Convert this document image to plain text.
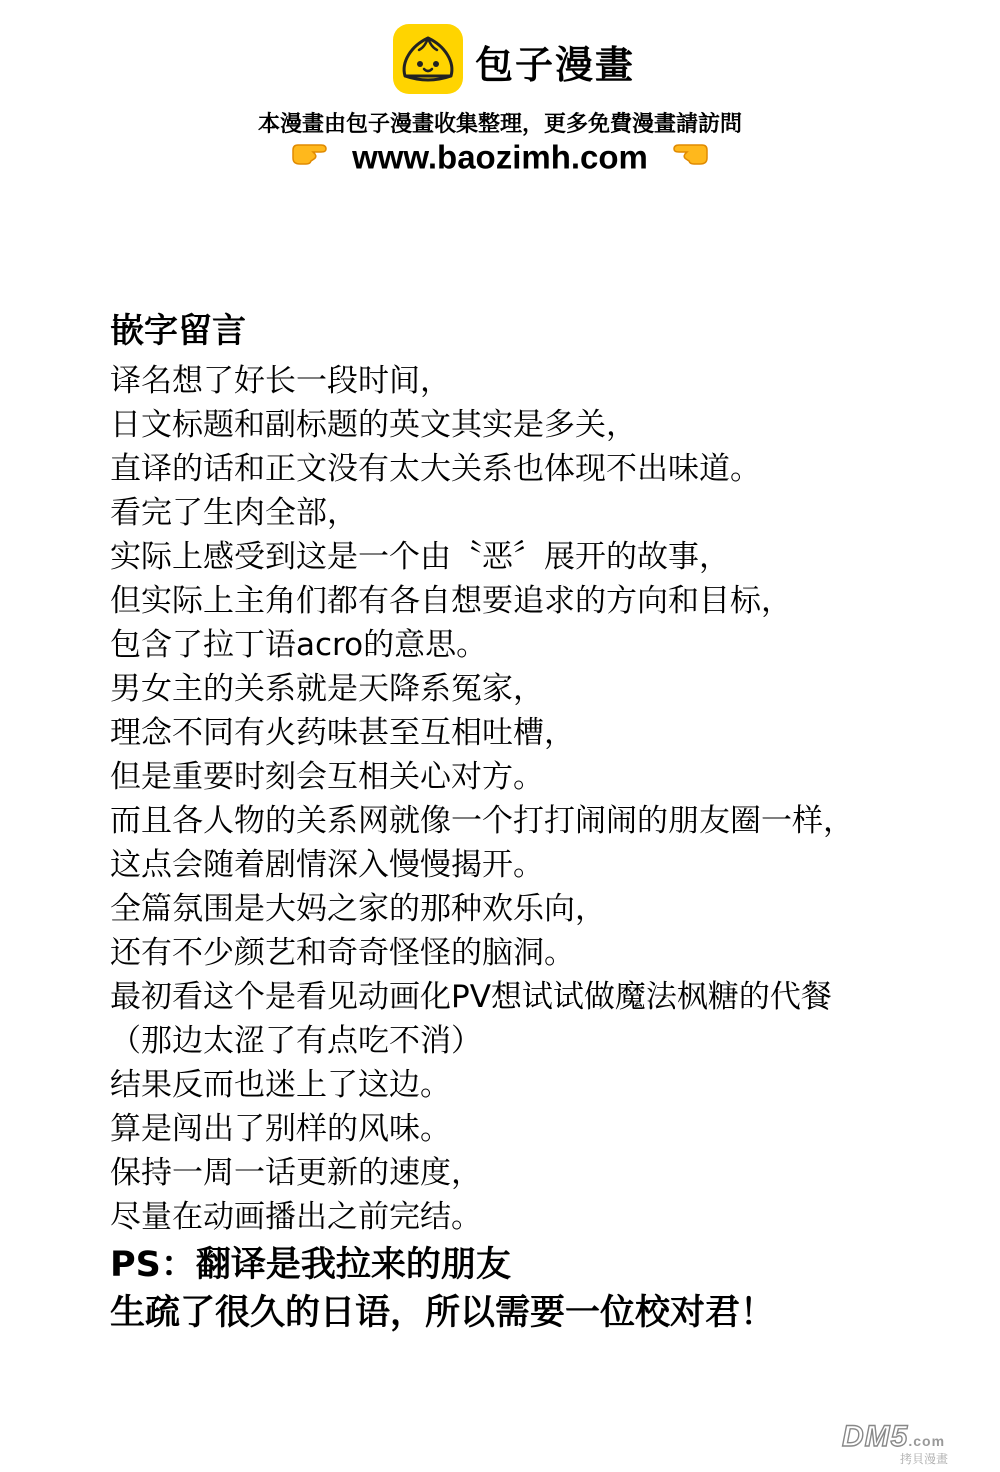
包子漫畫
本漫畫由包子漫畫收集整理，更多免費漫畫請訪問
www.baozimh.com
嵌字留言
译名想了好长一段时间，
日文标题和副标题的英文其实是多关，
直译的话和正文没有太大关系也体现不出味道。
看完了生肉全部，
实际上感受到这是一个由〝恶〞展开的故事，
但实际上主角们都有各自想要追求的方向和目标，
包含了拉丁语acro的意思。
男女主的关系就是天降系冤家，
理念不同有火药味甚至互相吐槽，
但是重要时刻会互相关心对方。
而且各人物的关系网就像一个打打闹闹的朋友圈一样，
这点会随着剧情深入慢慢揭开。
全篇氛围是大妈之家的那种欢乐向，
还有不少颜艺和奇奇怪怪的脑洞。
最初看这个是看见动画化PV想试试做魔法枫糖的代餐
（那边太涩了有点吃不消）
结果反而也迷上了这边。
算是闯出了别样的风味。
保持一周一话更新的速度，
尽量在动画播出之前完结。
PS：翻译是我拉来的朋友
生疏了很久的日语，所以需要一位校对君！
DM5.com
拷貝漫畫
